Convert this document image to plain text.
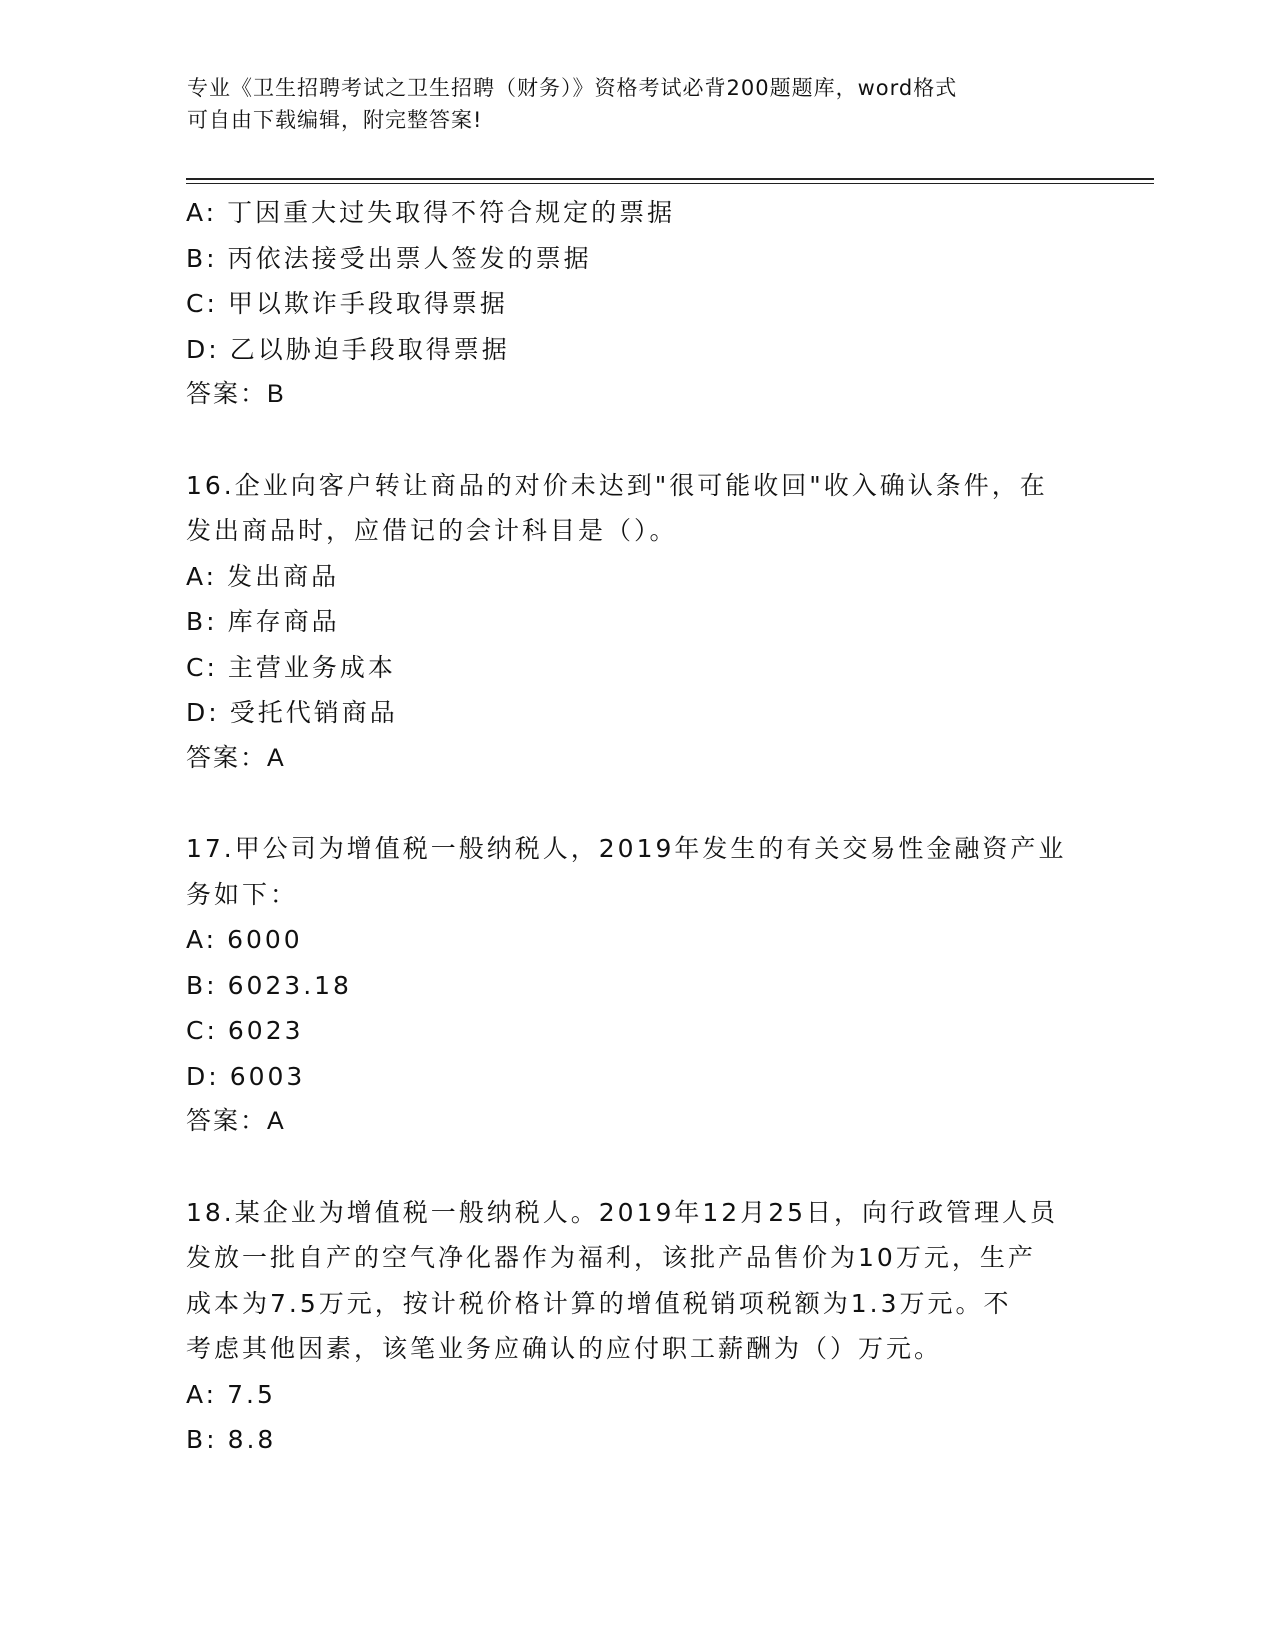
专业《卫生招聘考试之卫生招聘（财务）》资格考试必背200题题库，word格式
可自由下载编辑，附完整答案!
A: 丁因重大过失取得不符合规定的票据
B: 丙依法接受出票人签发的票据
C: 甲以欺诈手段取得票据
D: 乙以胁迫手段取得票据
答案：B
16.企业向客户转让商品的对价未达到"很可能收回"收入确认条件，在
发出商品时，应借记的会计科目是（）。
A: 发出商品
B: 库存商品
C: 主营业务成本
D: 受托代销商品
答案：A
17.甲公司为增值税一般纳税人，2019年发生的有关交易性金融资产业
务如下：
A: 6000
B: 6023.18
C: 6023
D: 6003
答案：A
18.某企业为增值税一般纳税人。2019年12月25日，向行政管理人员
发放一批自产的空气净化器作为福利，该批产品售价为10万元，生产
成本为7.5万元，按计税价格计算的增值税销项税额为1.3万元。不
考虑其他因素，该笔业务应确认的应付职工薪酬为（）万元。
A: 7.5
B: 8.8
